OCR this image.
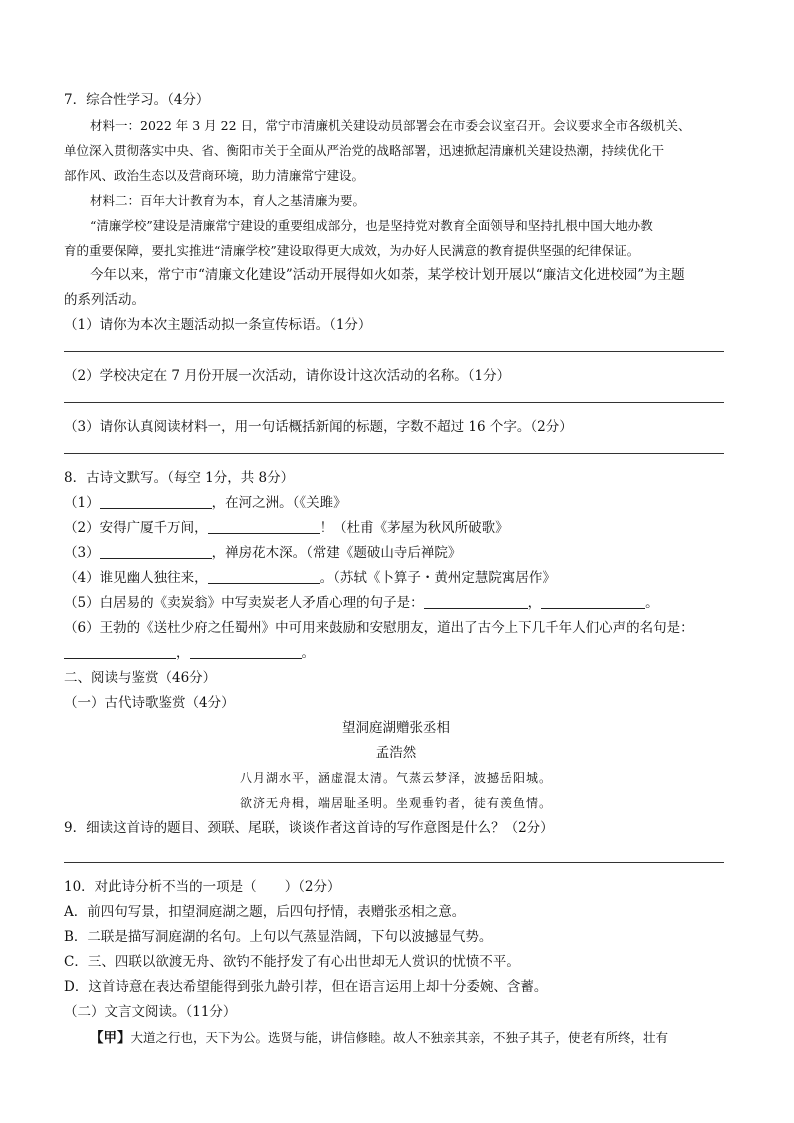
7．综合性学习。（4分）
材料一：2022 年 3 月 22 日，常宁市清廉机关建设动员部署会在市委会议室召开。会议要求全市各级机关、
单位深入贯彻落实中央、省、衡阳市关于全面从严治党的战略部署，迅速掀起清廉机关建设热潮，持续优化干
部作风、政治生态以及营商环境，助力清廉常宁建设。
材料二：百年大计教育为本，育人之基清廉为要。
“清廉学校”建设是清廉常宁建设的重要组成部分，也是坚持党对教育全面领导和坚持扎根中国大地办教
育的重要保障，要扎实推进“清廉学校”建设取得更大成效，为办好人民满意的教育提供坚强的纪律保证。
今年以来，常宁市“清廉文化建设”活动开展得如火如荼，某学校计划开展以“廉洁文化进校园”为主题
的系列活动。
（1）请你为本次主题活动拟一条宣传标语。（1分）
（2）学校决定在 7 月份开展一次活动，请你设计这次活动的名称。（1分）
（3）请你认真阅读材料一，用一句话概括新闻的标题，字数不超过 16 个字。（2分）
8．古诗文默写。（每空 1分，共 8分）
（1）	，在河之洲。（《关雎》
（2）安得广厦千万间，	！（杜甫《茅屋为秋风所破歌》
（3）	，禅房花木深。（常建《题破山寺后禅院》
（4）谁见幽人独往来，	。（苏轼《卜算子・黄州定慧院寓居作》
（5）白居易的《卖炭翁》中写卖炭老人矛盾心理的句子是：	，	。
（6）王勃的《送杜少府之任蜀州》中可用来鼓励和安慰朋友，道出了古今上下几千年人们心声的名句是：
，	。
二、阅读与鉴赏（46分）
（一）古代诗歌鉴赏（4分）
望洞庭湖赠张丞相
孟浩然
八月湖水平，涵虚混太清。气蒸云梦泽，波撼岳阳城。
欲济无舟楫，端居耻圣明。坐观垂钓者，徒有羡鱼情。
9．细读这首诗的题目、颈联、尾联，谈谈作者这首诗的写作意图是什么？（2分）
10．对此诗分析不当的一项是（ ）（2分）
A．前四句写景，扣望洞庭湖之题，后四句抒情，表赠张丞相之意。
B．二联是描写洞庭湖的名句。上句以气蒸显浩阔，下句以波撼显气势。
C．三、四联以欲渡无舟、欲钓不能抒发了有心出世却无人赏识的忧愤不平。
D．这首诗意在表达希望能得到张九龄引荐，但在语言运用上却十分委婉、含蓄。
（二）文言文阅读。（11分）
【甲】大道之行也，天下为公。选贤与能，讲信修睦。故人不独亲其亲，不独子其子，使老有所终，壮有
